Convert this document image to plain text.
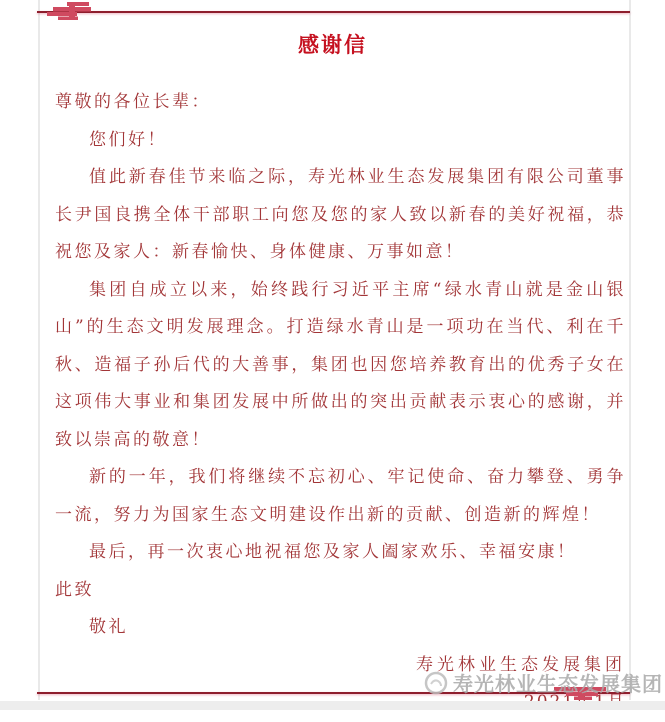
感谢信

尊敬的各位长辈：

您们好！

值此新春佳节来临之际，寿光林业生态发展集团有限公司董事长尹国良携全体干部职工向您及您的家人致以新春的美好祝福，恭祝您及家人：新春愉快、身体健康、万事如意！

集团自成立以来，始终践行习近平主席“绿水青山就是金山银山”的生态文明发展理念。打造绿水青山是一项功在当代、利在千秋、造福子孙后代的大善事，集团也因您培养教育出的优秀子女在这项伟大事业和集团发展中所做出的突出贡献表示衷心的感谢，并致以崇高的敬意！

新的一年，我们将继续不忘初心、牢记使命、奋力攀登、勇争一流，努力为国家生态文明建设作出新的贡献、创造新的辉煌！

最后，再一次衷心地祝福您及家人阖家欢乐、幸福安康！

此致

敬礼

寿光林业生态发展集团

寿光林业生态发展集团
